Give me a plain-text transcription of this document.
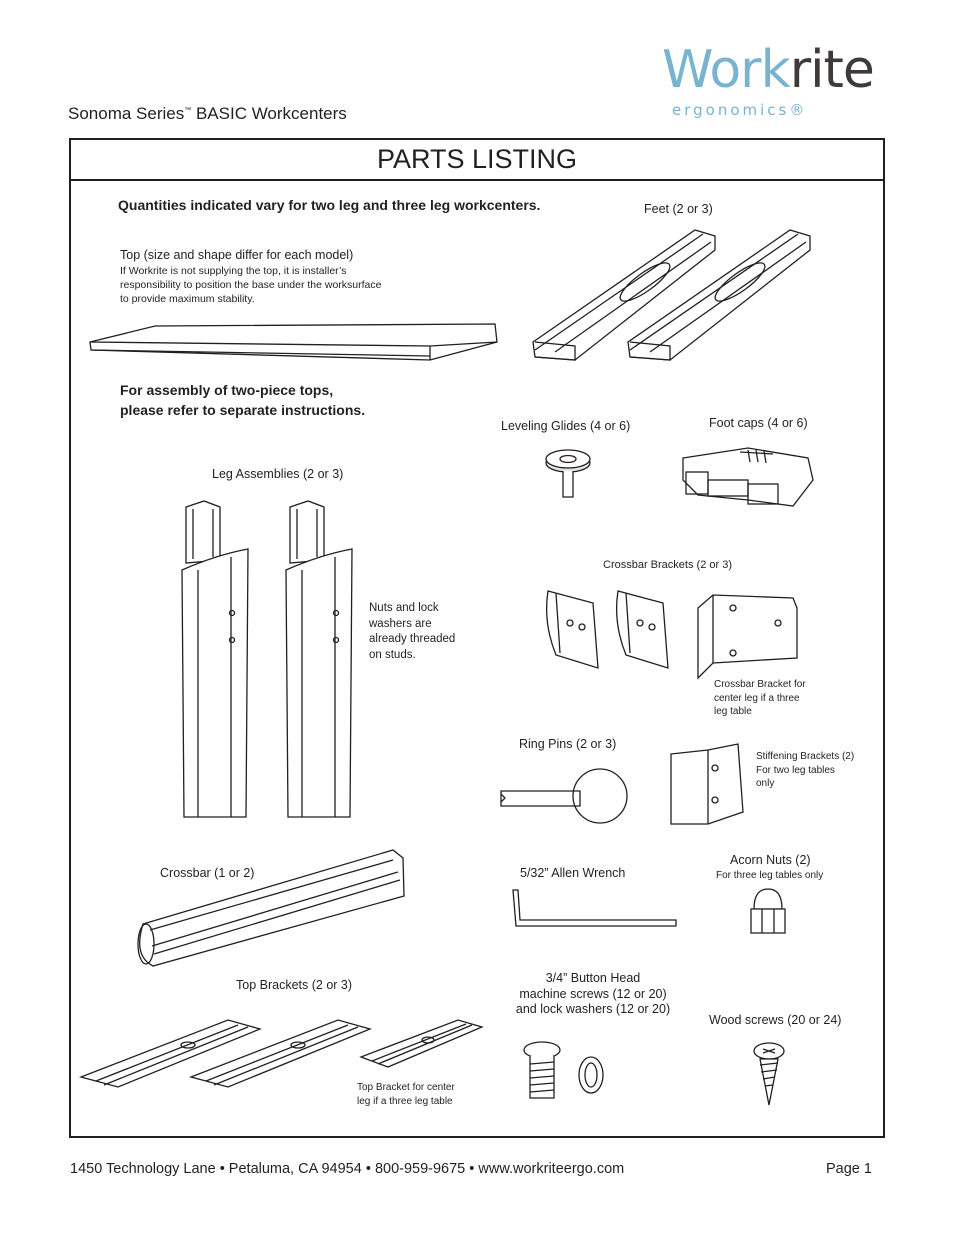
Workrite
ergonomics®
Sonoma Series™ BASIC Workcenters
PARTS LISTING
Quantities indicated vary for two leg and three leg workcenters.
For assembly of two-piece tops,
please refer to separate instructions.
Top (size and shape differ for each model)
If Workrite is not supplying the top, it is installer’s
responsibility to position the base under the worksurface
to provide maximum stability.
Feet (2 or 3)
Leveling Glides (4 or 6)	Foot caps (4 or 6)
Leg Assemblies (2 or 3)
Nuts and lock
washers are
already threaded
on studs.
Crossbar Brackets (2 or 3)
Crossbar Bracket for
center leg if a three
leg table
Ring Pins (2 or 3)
Stiffening Brackets (2)
For two leg tables
only
Crossbar (1 or 2)	5/32” Allen Wrench
Acorn Nuts (2)
For three leg tables only
Top Brackets (2 or 3)
Top Bracket for center
leg if a three leg table
3/4” Button Head
machine screws (12 or 20)
and lock washers (12 or 20)
Wood screws (20 or 24)
1450 Technology Lane • Petaluma, CA 94954 • 800-959-9675 • www.workriteergo.com	Page 1
